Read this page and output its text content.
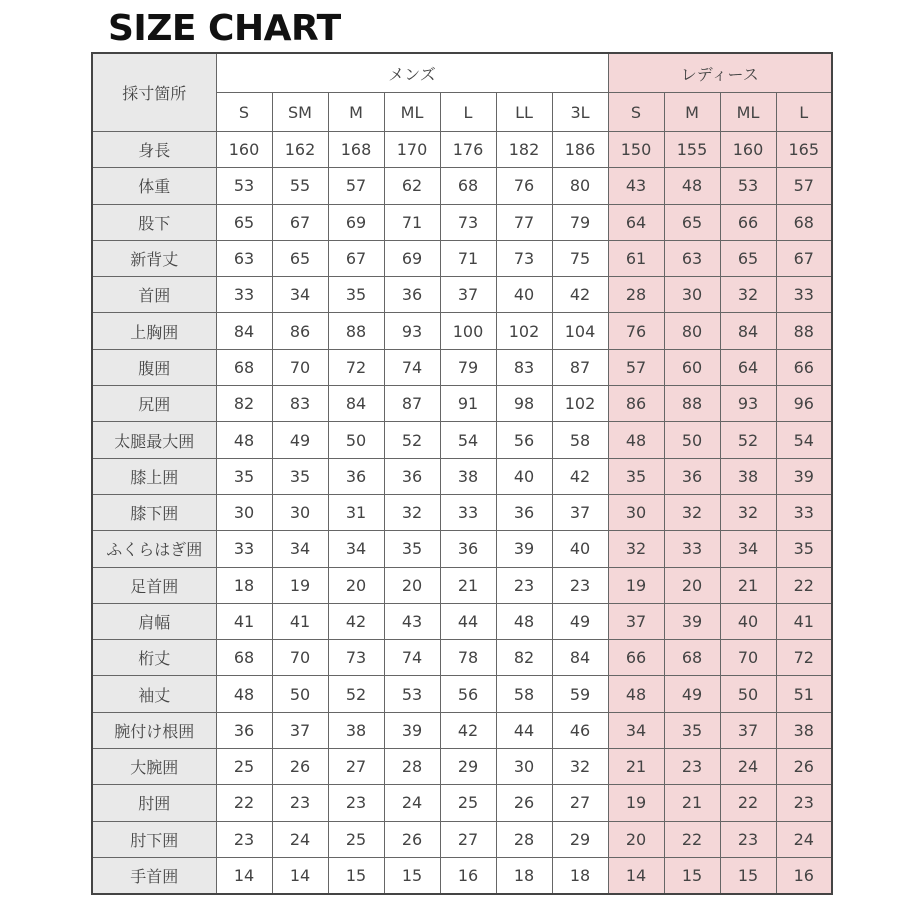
SIZE CHART
採寸箇所	メンズ							レディース			
	S	SM	M	ML	L	LL	3L	S	M	ML	L
身長	160	162	168	170	176	182	186	150	155	160	165
体重	53	55	57	62	68	76	80	43	48	53	57
股下	65	67	69	71	73	77	79	64	65	66	68
新背丈	63	65	67	69	71	73	75	61	63	65	67
首囲	33	34	35	36	37	40	42	28	30	32	33
上胸囲	84	86	88	93	100	102	104	76	80	84	88
腹囲	68	70	72	74	79	83	87	57	60	64	66
尻囲	82	83	84	87	91	98	102	86	88	93	96
太腿最大囲	48	49	50	52	54	56	58	48	50	52	54
膝上囲	35	35	36	36	38	40	42	35	36	38	39
膝下囲	30	30	31	32	33	36	37	30	32	32	33
ふくらはぎ囲	33	34	34	35	36	39	40	32	33	34	35
足首囲	18	19	20	20	21	23	23	19	20	21	22
肩幅	41	41	42	43	44	48	49	37	39	40	41
桁丈	68	70	73	74	78	82	84	66	68	70	72
袖丈	48	50	52	53	56	58	59	48	49	50	51
腕付け根囲	36	37	38	39	42	44	46	34	35	37	38
大腕囲	25	26	27	28	29	30	32	21	23	24	26
肘囲	22	23	23	24	25	26	27	19	21	22	23
肘下囲	23	24	25	26	27	28	29	20	22	23	24
手首囲	14	14	15	15	16	18	18	14	15	15	16
